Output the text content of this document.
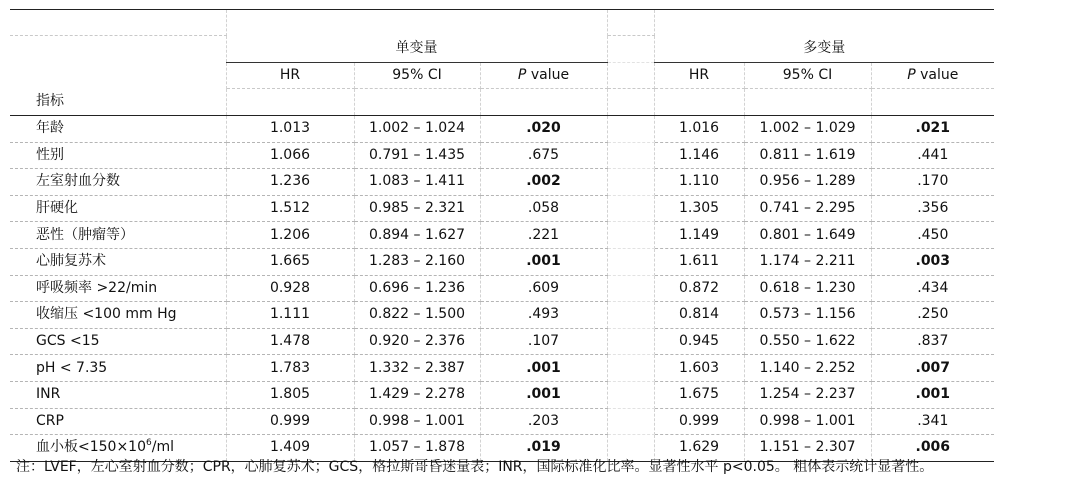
	单变量				多变量		
	HR	95% CI	P value		HR	95% CI	P value
指标							
年龄	1.013	1.002 – 1.024	.020		1.016	1.002 – 1.029	.021
性别	1.066	0.791 – 1.435	.675		1.146	0.811 – 1.619	.441
左室射血分数	1.236	1.083 – 1.411	.002		1.110	0.956 – 1.289	.170
肝硬化	1.512	0.985 – 2.321	.058		1.305	0.741 – 2.295	.356
恶性（肿瘤等）	1.206	0.894 – 1.627	.221		1.149	0.801 – 1.649	.450
心肺复苏术	1.665	1.283 – 2.160	.001		1.611	1.174 – 2.211	.003
呼吸频率 >22/min	0.928	0.696 – 1.236	.609		0.872	0.618 – 1.230	.434
收缩压 <100 mm Hg	1.111	0.822 – 1.500	.493		0.814	0.573 – 1.156	.250
GCS <15	1.478	0.920 – 2.376	.107		0.945	0.550 – 1.622	.837
pH < 7.35	1.783	1.332 – 2.387	.001		1.603	1.140 – 2.252	.007
INR	1.805	1.429 – 2.278	.001		1.675	1.254 – 2.237	.001
CRP	0.999	0.998 – 1.001	.203		0.999	0.998 – 1.001	.341
血小板$<150\times 10^6/ml$	1.409	1.057 – 1.878	.019		1.629	1.151 – 2.307	.006
注：LVEF，左心室射血分数；CPR，心肺复苏术；GCS，格拉斯哥昏迷量表；INR，国际标准化比率。显著性水平 p<0.05。 粗体表示统计显著性。
